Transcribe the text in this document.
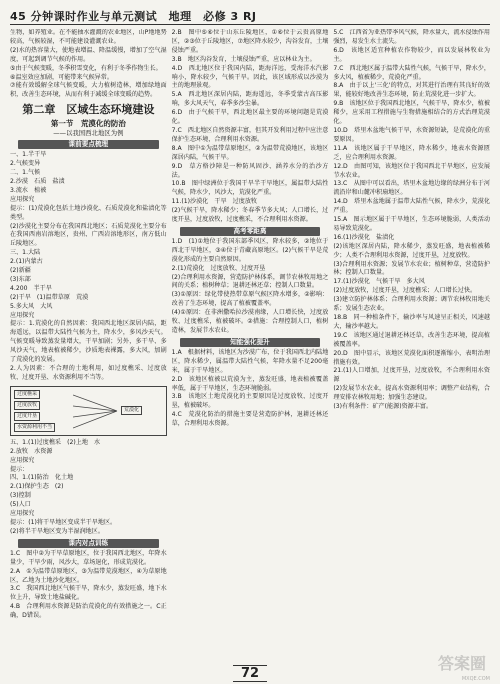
45 分钟课时作业与单元测试　地理　必修 3 RJ

生物，如养殖业。在不能抽水灌溉的农业地区，山P地地势较高，气候较湿，不可能建设灌溉农业。

(2)水的热容量大，使地表增温、降温缓慢，增加了空气湿度，可起到调节气候的作用。

⑤由于气候变暖，冬季积雪变化，有利于冬季作物生长。

⑥温室效应加剧，可能带来气候异常。

⑦能有效缓解全球气候变暖，大力植树造林，增加绿地面积，改善生态环境，从而有利于减缓全球变暖的趋势。

第二章　区域生态环境建设
第一节　荒漠化的防治
——以我国西北地区为例
课前要点梳理

一、1.半干旱

2.气候变异

二、1.气候

2.沙漠　石质　盐渍

3.流水　植被

应用探究

提示：(1)荒漠化包括土地沙漠化、石质荒漠化和盐渍化等类型。

(2)沙漠化主要分布在我国西北地区；石质荒漠化主要分布在我国西南岩溶地区，贵州、广西岩溶地形区，南方低山丘陵地区。

三、1.大陆

2.(1)内蒙古

(2)新疆

(3)东部

4.200　半干旱

(2)干旱　(1)温带草原　荒漠

5.多大风　大风

应用探究

提示：1.荒漠化的自然因素：我国西北地区深居内陆，距海遥远，以温带大陆性气候为主，降水少，多风沙天气。气候变暖导致蒸发量增大，干旱加剧；另外，多干旱、多风沙天气，地表植被稀少，沙质地表裸露，多大风，加剧了荒漠化的发展。

2.人为因素：不合理的土地利用，如过度樵采、过度放牧、过度开垦、水资源利用不当等。

过度樵采
过度放牧
过度开垦
水资源利用不当
荒漠化

五、1.(1)过度樵采　(2)上地　水

2.放牧　水资源

应用探究

提示：

四、1.(1)防治　化土地

2.(1)保护生态　(2)

(3)控制

(5)人口

应用探究

提示：(1)将干旱地区变成半干旱地区。

(2)将半干旱地区变为半湿润地区。

课内对点训练

1.C　图中②为干旱草原地区，位于我国西北地区，年降水量少，干旱少雨，风沙大，草场退化，形成荒漠化。

2.A　①为温带草原地区，③为温带荒漠地区，④为草原地区，乙地为土地沙化地区。

3.C　我国西北地区气候干旱，降水少，蒸发旺盛，地下水位上升，导致土地盐碱化。

4.B　合理利用水资源是防治荒漠化的有效措施之一。C正确，D错误。

2.B　图中⑤⑥位于山东丘陵地区，①⑥位于云贵高原地区，②③位于丘陵地区，⑦地区降水较少，沟谷发育，土壤侵蚀严重。

3.B　地区沟谷发育，土壤侵蚀严重，应以林业为主。

4.D　西北地区位于我国内陆，距海洋远，受海洋水汽影响小，降水较少，气候干旱。因此，该区域形成以沙漠为主的地理景观。

5.A　西北地区深居内陆，距海遥远，冬季受蒙古高压影响，多大风天气，春季多沙尘暴。

6.D　由于气候干旱，西北地区最主要的环境问题是荒漠化。

7.C　西北地区自然资源丰富，但其开发利用过程中应注意保护生态环境，合理利用水资源。

8.A　图中①为温带草原地区，②为温带荒漠地区，该地区深居内陆，气候干旱。

9.D　草方格沙障是一种防风固沙、涵养水分的治沙方法。

10.B　图中绿洲位于我国干旱半干旱地区，属温带大陆性气候，降水少，风沙大，荒漠化严重。

11.(1)沙漠化　干旱　过度放牧

(2)气候干旱，降水稀少；冬春季节多大风；人口增长，过度开垦，过度放牧，过度樵采，不合理利用水资源。

高考零距离

1.D　(1)①地位于我国东部季风区，降水较多，②地位于西北干旱地区，③④位于青藏高原地区。(2)气候干旱是荒漠化形成的主要自然原因。

2.(1)荒漠化　过度放牧、过度开垦

(2)合理利用水资源，营造防护林体系，调节农林牧用地之间的关系；植树种草；退耕还林还草；控制人口数量。

(3)①原因：绿化带使热带草原气候区降水增多，②影响：改善了生态环境，提高了植被覆盖率。

(4)①原因：在非洲撒哈拉沙漠南缘，人口增长快，过度放牧、过度樵采，植被破坏。②措施：合理控制人口，植树造林，发展节水农业。

知能强化提升

1.A　根据材料，该地区为沙漠广布，位于我国西北内陆地区，降水稀少，属温带大陆性气候，年降水量不足200毫米，属于干旱地区。

2.D　该地区植被以荒漠为主，蒸发旺盛，地表植被覆盖率低，属于干旱地区，生态环境脆弱。

3.B　该地区土地荒漠化的主要原因是过度放牧、过度开垦，植被破坏。

4.C　荒漠化防治的措施主要是营造防护林，退耕还林还草，合理利用水资源。

5.C　江西省为亚热带季风气候，降水量大，流水侵蚀作用强烈，易发生水土流失。

6.D　该地区适宜种植农作物较少，而以发展林牧业为主。

7.C　西北地区属于温带大陆性气候，气候干旱，降水少，多大风，植被稀少，荒漠化严重。

8.A　由于以上'三化'的特点，对其进行治理有其良好的效果，能较好地改善生态环境，防止荒漠化进一步扩大。

9.B　该地区位于我国西北地区，气候干旱，降水少，植被稀少，应采用工程措施与生物措施相结合的方式治理荒漠化。

10.D　塔里木盆地气候干旱，水资源短缺，是荒漠化的重要原因。

11.A　该地区属于干旱地区，降水稀少，地表水资源匮乏，应合理利用水资源。

12.D　由图可知，该地区位于我国西北干旱地区，应发展节水农业。

13.C　从图中可以看出，塔里木盆地边缘的绿洲分布于河流沿岸和山麓冲积扇地区。

14.D　塔里木盆地属于温带大陆性气候，降水少，荒漠化严重。

15.A　图示地区属于干旱地区，生态环境脆弱，人类活动易导致荒漠化。

16.(1)沙漠化　盐渍化

(2)该地区深居内陆，降水稀少，蒸发旺盛，地表植被稀少；人类不合理利用水资源，过度开垦，过度放牧。

(3)合理利用水资源；发展节水农业；植树种草，营造防护林；控制人口数量。

17.(1)沙漠化　气候干旱　多大风

(2)过度放牧，过度开垦，过度樵采；人口增长过快。

(3)建立防护林体系；合理利用水资源；调节农林牧用地关系；发展生态农业。

18.B　同一种植条件下，输沙率与风速呈正相关，风速越大，输沙率越大。

19.C　该地区通过退耕还林还草，改善生态环境，提高植被覆盖率。

20.D　图中显示，该地区荒漠化面积逐渐缩小，表明治理措施有效。

21.(1)人口增加，过度开垦，过度放牧，不合理利用水资源

(2)发展节水农业，提高水资源利用率；调整产业结构，合理安排农林牧用地；加强生态建设。

(3)有利条件：矿产(能源)资源丰富。

72
答案圈
MXQE.COM
